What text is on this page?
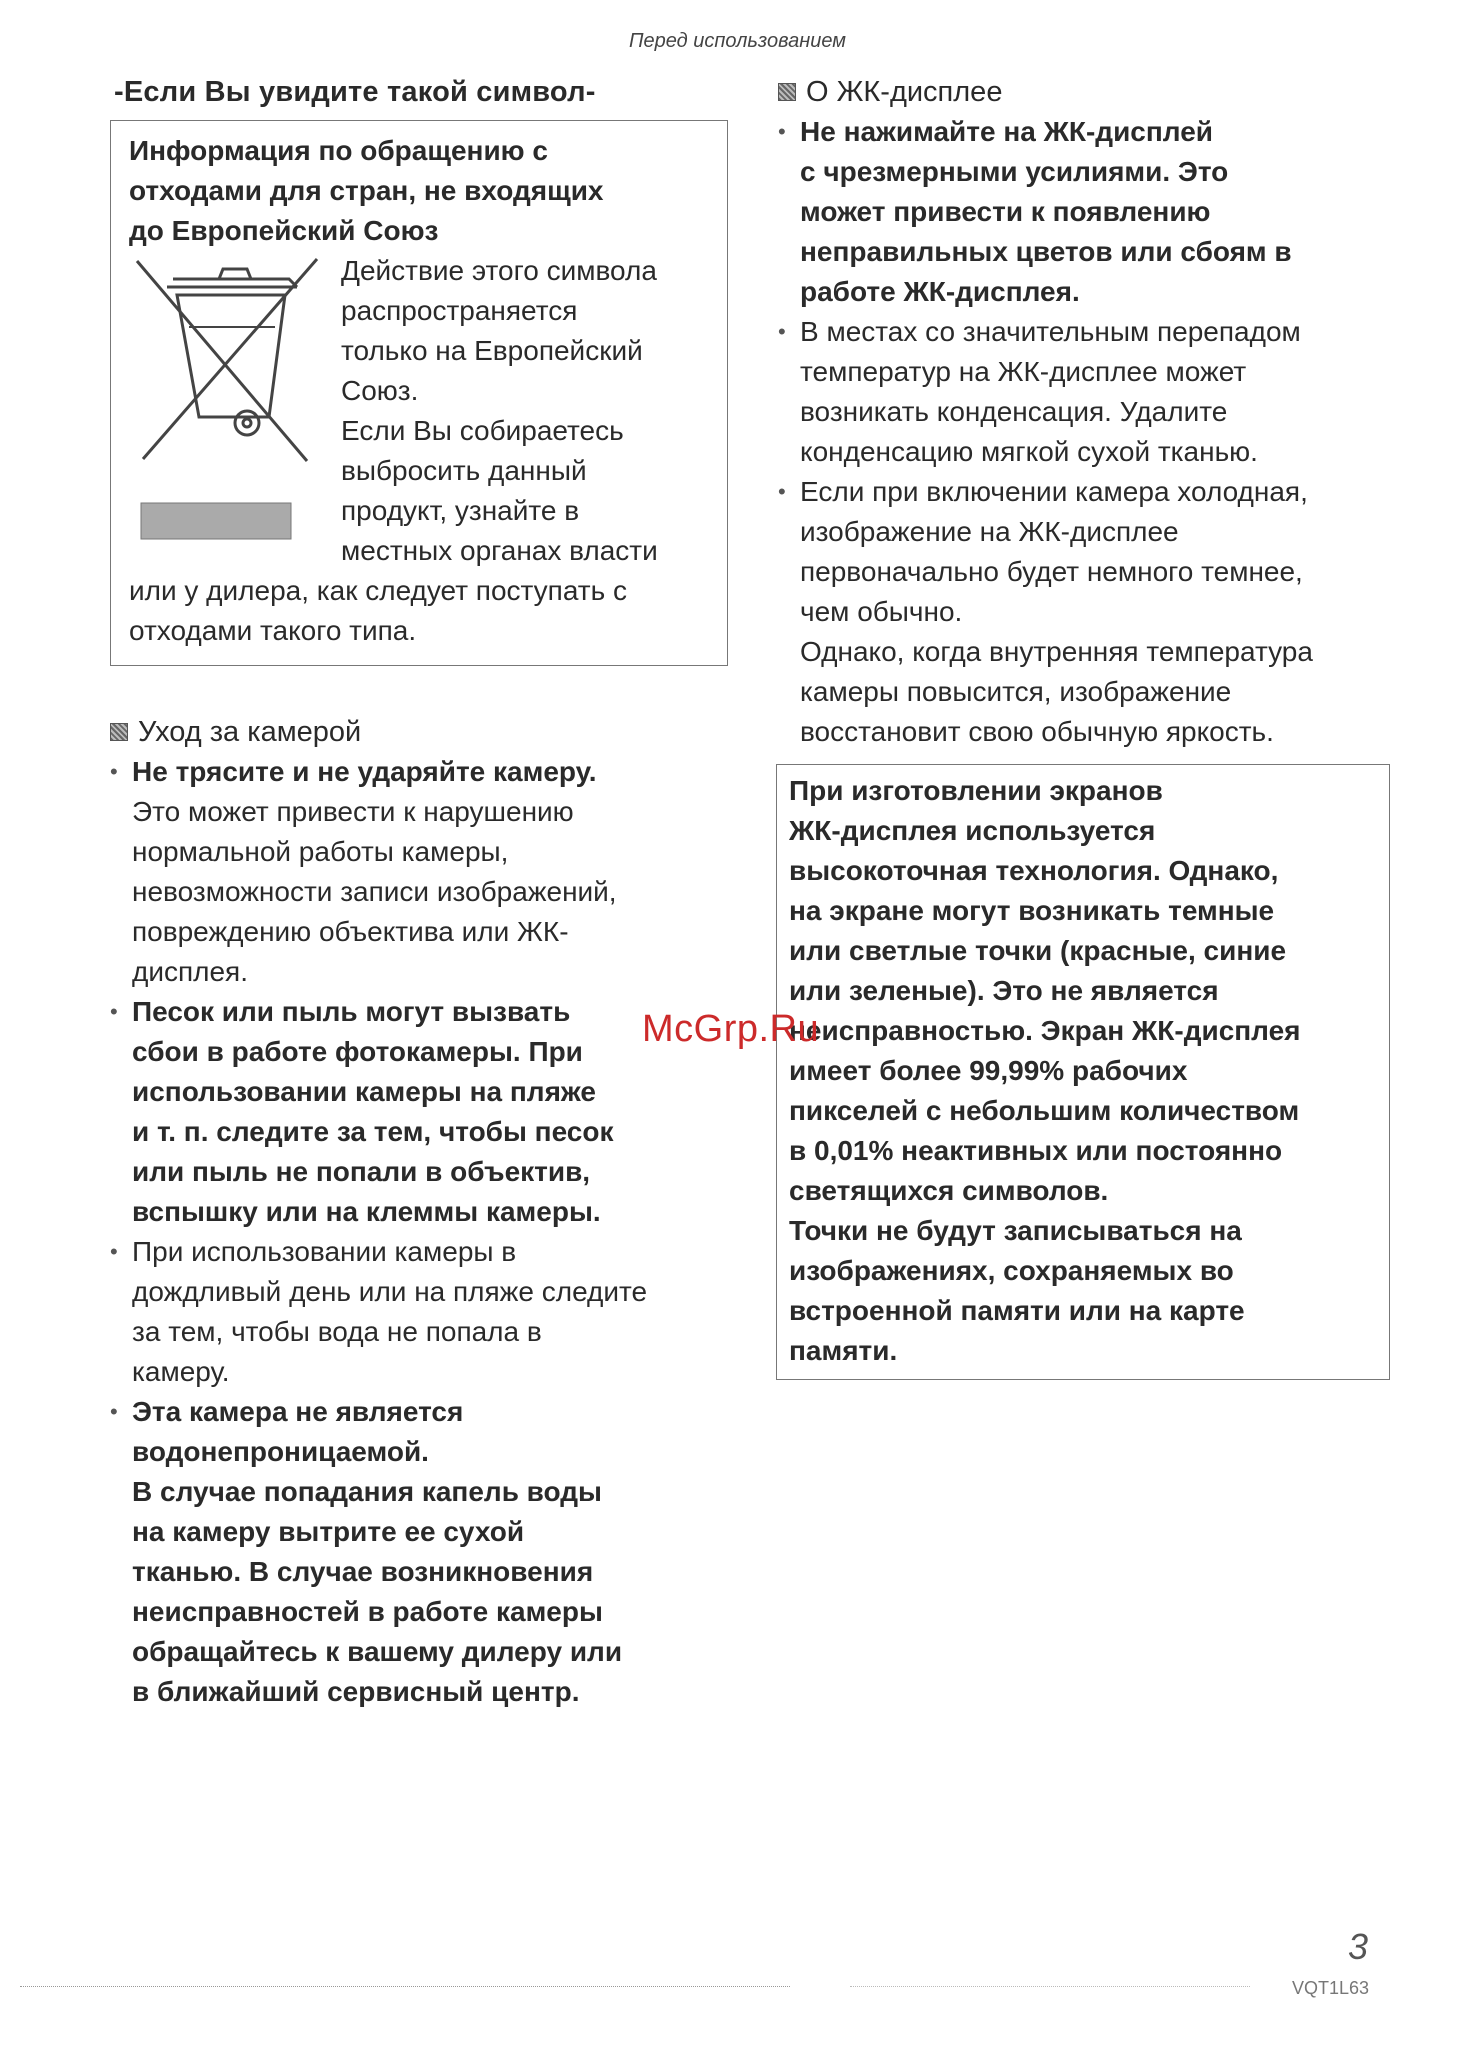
Перед использованием
-Если Вы увидите такой символ-
Информация по обращению с
отходами для стран, не входящих
до Европейский Союз
Действие этого символа
распространяется
только на Европейский
Союз.
Если Вы собираетесь
выбросить данный
продукт, узнайте в
местных органах власти
или у дилера, как следует поступать с
отходами такого типа.
Уход за камерой
• Не трясите и не ударяйте камеру.
Это может привести к нарушению
нормальной работы камеры,
невозможности записи изображений,
повреждению объектива или ЖК-
дисплея.
• Песок или пыль могут вызвать
сбои в работе фотокамеры. При
использовании камеры на пляже
и т. п. следите за тем, чтобы песок
или пыль не попали в объектив,
вспышку или на клеммы камеры.
• При использовании камеры в
дождливый день или на пляже следите
за тем, чтобы вода не попала в
камеру.
• Эта камера не является
водонепроницаемой.
В случае попадания капель воды
на камеру вытрите ее сухой
тканью. В случае возникновения
неисправностей в работе камеры
обращайтесь к вашему дилеру или
в ближайший сервисный центр.
О ЖК-дисплее
• Не нажимайте на ЖК-дисплей
с чрезмерными усилиями. Это
может привести к появлению
неправильных цветов или сбоям в
работе ЖК-дисплея.
• В местах со значительным перепадом
температур на ЖК-дисплее может
возникать конденсация. Удалите
конденсацию мягкой сухой тканью.
• Если при включении камера холодная,
изображение на ЖК-дисплее
первоначально будет немного темнее,
чем обычно.
Однако, когда внутренняя температура
камеры повысится, изображение
восстановит свою обычную яркость.
При изготовлении экранов
ЖК-дисплея используется
высокоточная технология. Однако,
на экране могут возникать темные
или светлые точки (красные, синие
или зеленые). Это не является
неисправностью. Экран ЖК-дисплея
имеет более 99,99% рабочих
пикселей с небольшим количеством
в 0,01% неактивных или постоянно
светящихся символов.
Точки не будут записываться на
изображениях, сохраняемых во
встроенной памяти или на карте
памяти.
McGrp.Ru
3
VQT1L63
